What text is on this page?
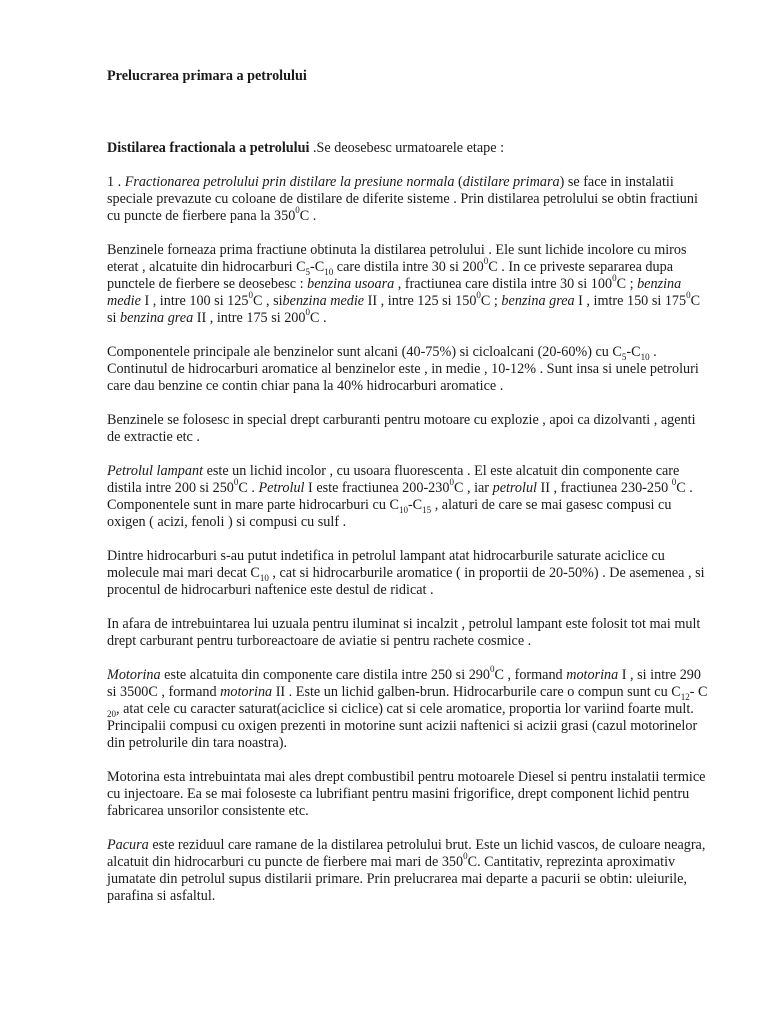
Prelucrarea primara a petrolului

Distilarea fractionala a petrolului .Se deosebesc urmatoarele etape :

1 . Fractionarea petrolului prin distilare la presiune normala (distilare primara) se face in instalatii speciale prevazute cu coloane de distilare de diferite sisteme . Prin distilarea petrolului se obtin fractiuni cu puncte de fierbere pana la $350^0C$ .

Benzinele forneaza prima fractiune obtinuta la distilarea petrolului . Ele sunt lichide incolore cu miros eterat , alcatuite din hidrocarburi $C_5-C_{10}$ care distila intre 30 si $200^0C$ . In ce priveste separarea dupa punctele de fierbere se deosebesc : benzina usoara , fractiunea care distila intre 30 si $100^0C$ ; benzina medie I , intre 100 si $125^0C$ , sibenzina medie II , intre 125 si $150^0C$ ; benzina grea I , imtre 150 si $175^0C$ si benzina grea II , intre 175 si $200^0C$ .

Componentele principale ale benzinelor sunt alcani (40-75%) si cicloalcani (20-60%) cu $C_5-C_{10}$ . Continutul de hidrocarburi aromatice al benzinelor este , in medie , 10-12% . Sunt insa si unele petroluri care dau benzine ce contin chiar pana la 40% hidrocarburi aromatice .

Benzinele se folosesc in special drept carburanti pentru motoare cu explozie , apoi ca dizolvanti , agenti de extractie etc .

Petrolul lampant este un lichid incolor , cu usoara fluorescenta . El este alcatuit din componente care distila intre 200 si $250^0C$ . Petrolul I este fractiunea $200-230^0C$ , iar petrolul II , fractiunea 230-250 $^0$C . Componentele sunt in mare parte hidrocarburi cu $C_{10}-C_{15}$ , alaturi de care se mai gasesc compusi cu oxigen ( acizi, fenoli ) si compusi cu sulf .

Dintre hidrocarburi s-au putut indetifica in petrolul lampant atat hidrocarburile saturate aciclice cu molecule mai mari decat $C_{10}$ , cat si hidrocarburile aromatice ( in proportii de 20-50%) . De asemenea , si procentul de hidrocarburi naftenice este destul de ridicat .

In afara de intrebuintarea lui uzuala pentru iluminat si incalzit , petrolul lampant este folosit tot mai mult drept carburant pentru turboreactoare de aviatie si pentru rachete cosmice .

Motorina este alcatuita din componente care distila intre 250 si $290^0C$ , formand motorina I , si intre 290 si 3500C , formand motorina II . Este un lichid galben-brun. Hidrocarburile care o compun sunt cu $C_{12}-$ C $_{20}$, atat cele cu caracter saturat(aciclice si ciclice) cat si cele aromatice, proportia lor variind foarte mult. Principalii compusi cu oxigen prezenti in motorine sunt acizii naftenici si acizii grasi (cazul motorinelor din petrolurile din tara noastra).

Motorina esta intrebuintata mai ales drept combustibil pentru motoarele Diesel si pentru instalatii termice cu injectoare. Ea se mai foloseste ca lubrifiant pentru masini frigorifice, drept component lichid pentru fabricarea unsorilor consistente etc.

Pacura este reziduul care ramane de la distilarea petrolului brut. Este un lichid vascos, de culoare neagra, alcatuit din hidrocarburi cu puncte de fierbere mai mari de $350^0C$. Cantitativ, reprezinta aproximativ jumatate din petrolul supus distilarii primare. Prin prelucrarea mai departe a pacurii se obtin: uleiurile, parafina si asfaltul.
